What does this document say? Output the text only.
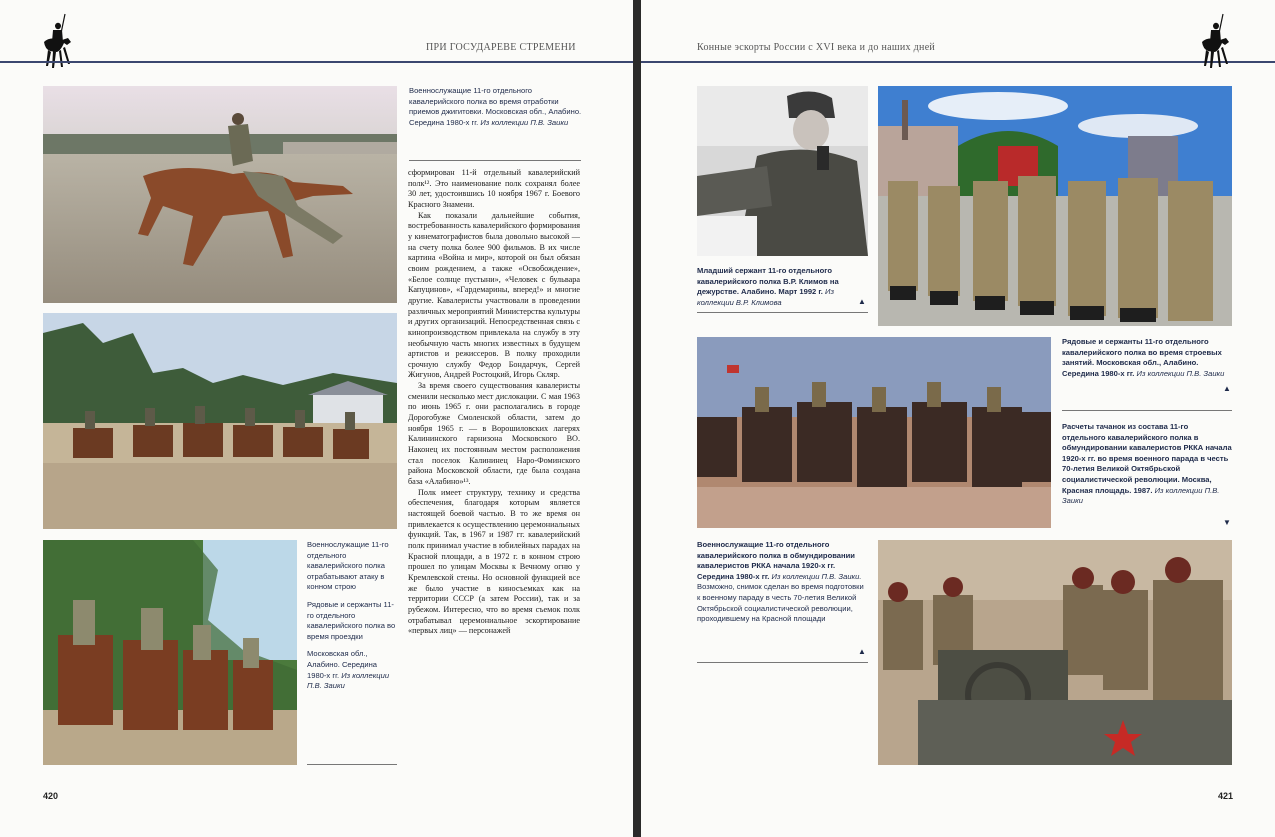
ПРИ ГОСУДАРЕВЕ СТРЕМЕНИ
Военнослужащие 11-го отдельного кавалерийского полка во время отработки приемов джигитовки. Московская обл., Алабино. Середина 1980-х гг. Из коллекции П.В. Заики

Военнослужащие 11-го отдельного кавалерийского полка отрабатывают атаку в конном строю

Рядовые и сержанты 11-го отдельного кавалерийского полка во время проездки

Московская обл., Алабино. Середина 1980-х гг. Из коллекции П.В. Заики

сформирован 11-й отдельный кавалерийский полк¹². Это наименование полк сохранял более 30 лет, удостоившись 10 ноября 1967 г. Боевого Красного Знамени.

Как показали дальнейшие события, востребованность кавалерийского формирования у кинематографистов была довольно высокой — на счету полка более 900 фильмов. В их числе картина «Война и мир», которой он был обязан своим рождением, а также «Освобождение», «Белое солнце пустыни», «Человек с бульвара Капуцинов», «Гардемарины, вперед!» и многие другие. Кавалеристы участвовали в проведении различных мероприятий Министерства культуры и других организаций. Непосредственная связь с кинопроизводством привлекала на службу в эту необычную часть многих известных в будущем артистов и режиссеров. В полку проходили срочную службу Федор Бондарчук, Сергей Жигунов, Андрей Ростоцкий, Игорь Скляр.

За время своего существования кавалеристы сменили несколько мест дислокации. С мая 1963 по июнь 1965 г. они располагались в городе Дорогобуже Смоленской области, затем до ноября 1965 г. — в Ворошиловских лагерях Калининского гарнизона Московского ВО. Наконец их постоянным местом расположения стал поселок Калининец Наро-Фоминского района Московской области, где была создана база «Алабино»¹³.

Полк имеет структуру, технику и средства обеспечения, благодаря которым является настоящей боевой частью. В то же время он привлекается к осуществлению церемониальных функций. Так, в 1967 и 1987 гг. кавалерийский полк принимал участие в юбилейных парадах на Красной площади, а в 1972 г. в конном строю прошел по улицам Москвы к Вечному огню у Кремлевской стены. Но основной функцией все же было участие в киносъемках как на территории СССР (а затем России), так и за рубежом. Интересно, что во время съемок полк отрабатывал церемониальное эскортирование «первых лиц» — персонажей

420
Конные эскорты России с XVI века и до наших дней
Младший сержант 11-го отдельного кавалерийского полка В.Р. Климов на дежурстве. Алабино. Март 1992 г. Из коллекции В.Р. Климова	▲
Рядовые и сержанты 11-го отдельного кавалерийского полка во время строевых занятий. Московская обл., Алабино. Середина 1980-х гг. Из коллекции П.В. Заики
▲
Расчеты тачанок из состава 11-го отдельного кавалерийского полка в обмундировании кавалеристов РККА начала 1920-х гг. во время военного парада в честь 70-летия Великой Октябрьской социалистической революции. Москва, Красная площадь. 1987. Из коллекции П.В. Заики
▼
Военнослужащие 11-го отдельного кавалерийского полка в обмундировании кавалеристов РККА начала 1920-х гг. Середина 1980-х гг. Из коллекции П.В. Заики. Возможно, снимок сделан во время подготовки к военному параду в честь 70-летия Великой Октябрьской социалистической революции, проходившему на Красной площади
▲
421
